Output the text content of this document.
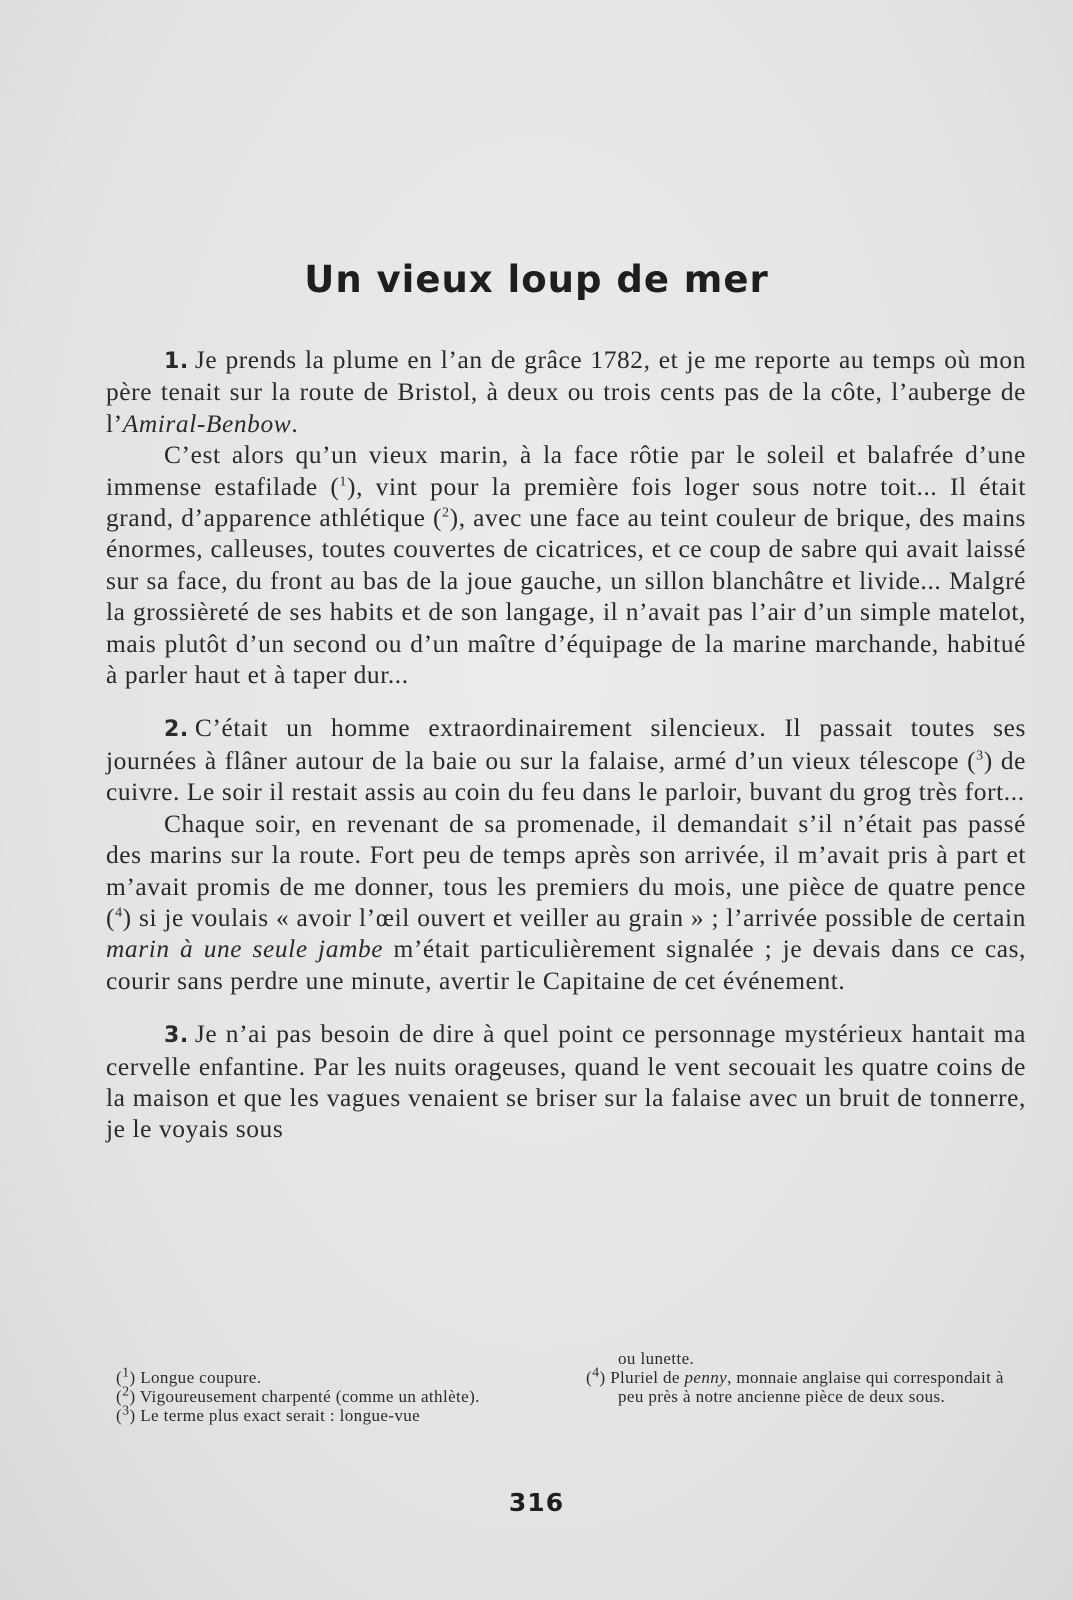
Un vieux loup de mer

1. Je prends la plume en l’an de grâce 1782, et je me reporte au temps où mon père tenait sur la route de Bristol, à deux ou trois cents pas de la côte, l’auberge de l’Amiral-Benbow.

C’est alors qu’un vieux marin, à la face rôtie par le soleil et balafrée d’une immense estafilade ($^1$), vint pour la première fois loger sous notre toit... Il était grand, d’apparence athlétique ($^2$), avec une face au teint couleur de brique, des mains énormes, calleuses, toutes couvertes de cicatrices, et ce coup de sabre qui avait laissé sur sa face, du front au bas de la joue gauche, un sillon blanchâtre et livide... Malgré la grossièreté de ses habits et de son langage, il n’avait pas l’air d’un simple matelot, mais plutôt d’un second ou d’un maître d’équipage de la marine marchande, habitué à parler haut et à taper dur...

2. C’était un homme extraordinairement silencieux. Il passait toutes ses journées à flâner autour de la baie ou sur la falaise, armé d’un vieux télescope ($^3$) de cuivre. Le soir il restait assis au coin du feu dans le parloir, buvant du grog très fort...

Chaque soir, en revenant de sa promenade, il demandait s’il n’était pas passé des marins sur la route. Fort peu de temps après son arrivée, il m’avait pris à part et m’avait promis de me donner, tous les premiers du mois, une pièce de quatre pence ($^4$) si je voulais « avoir l’œil ouvert et veiller au grain » ; l’arrivée possible de certain marin à une seule jambe m’était particulièrement signalée ; je devais dans ce cas, courir sans perdre une minute, avertir le Capitaine de cet événement.

3. Je n’ai pas besoin de dire à quel point ce personnage mystérieux hantait ma cervelle enfantine. Par les nuits orageuses, quand le vent secouait les quatre coins de la maison et que les vagues venaient se briser sur la falaise avec un bruit de tonnerre, je le voyais sous

($^1$) Longue coupure.

($^2$) Vigoureusement charpenté (comme un athlète).

($^3$) Le terme plus exact serait : longue-vue

ou lunette.

($^4$) Pluriel de penny, monnaie anglaise qui correspondait à peu près à notre ancienne pièce de deux sous.

316
